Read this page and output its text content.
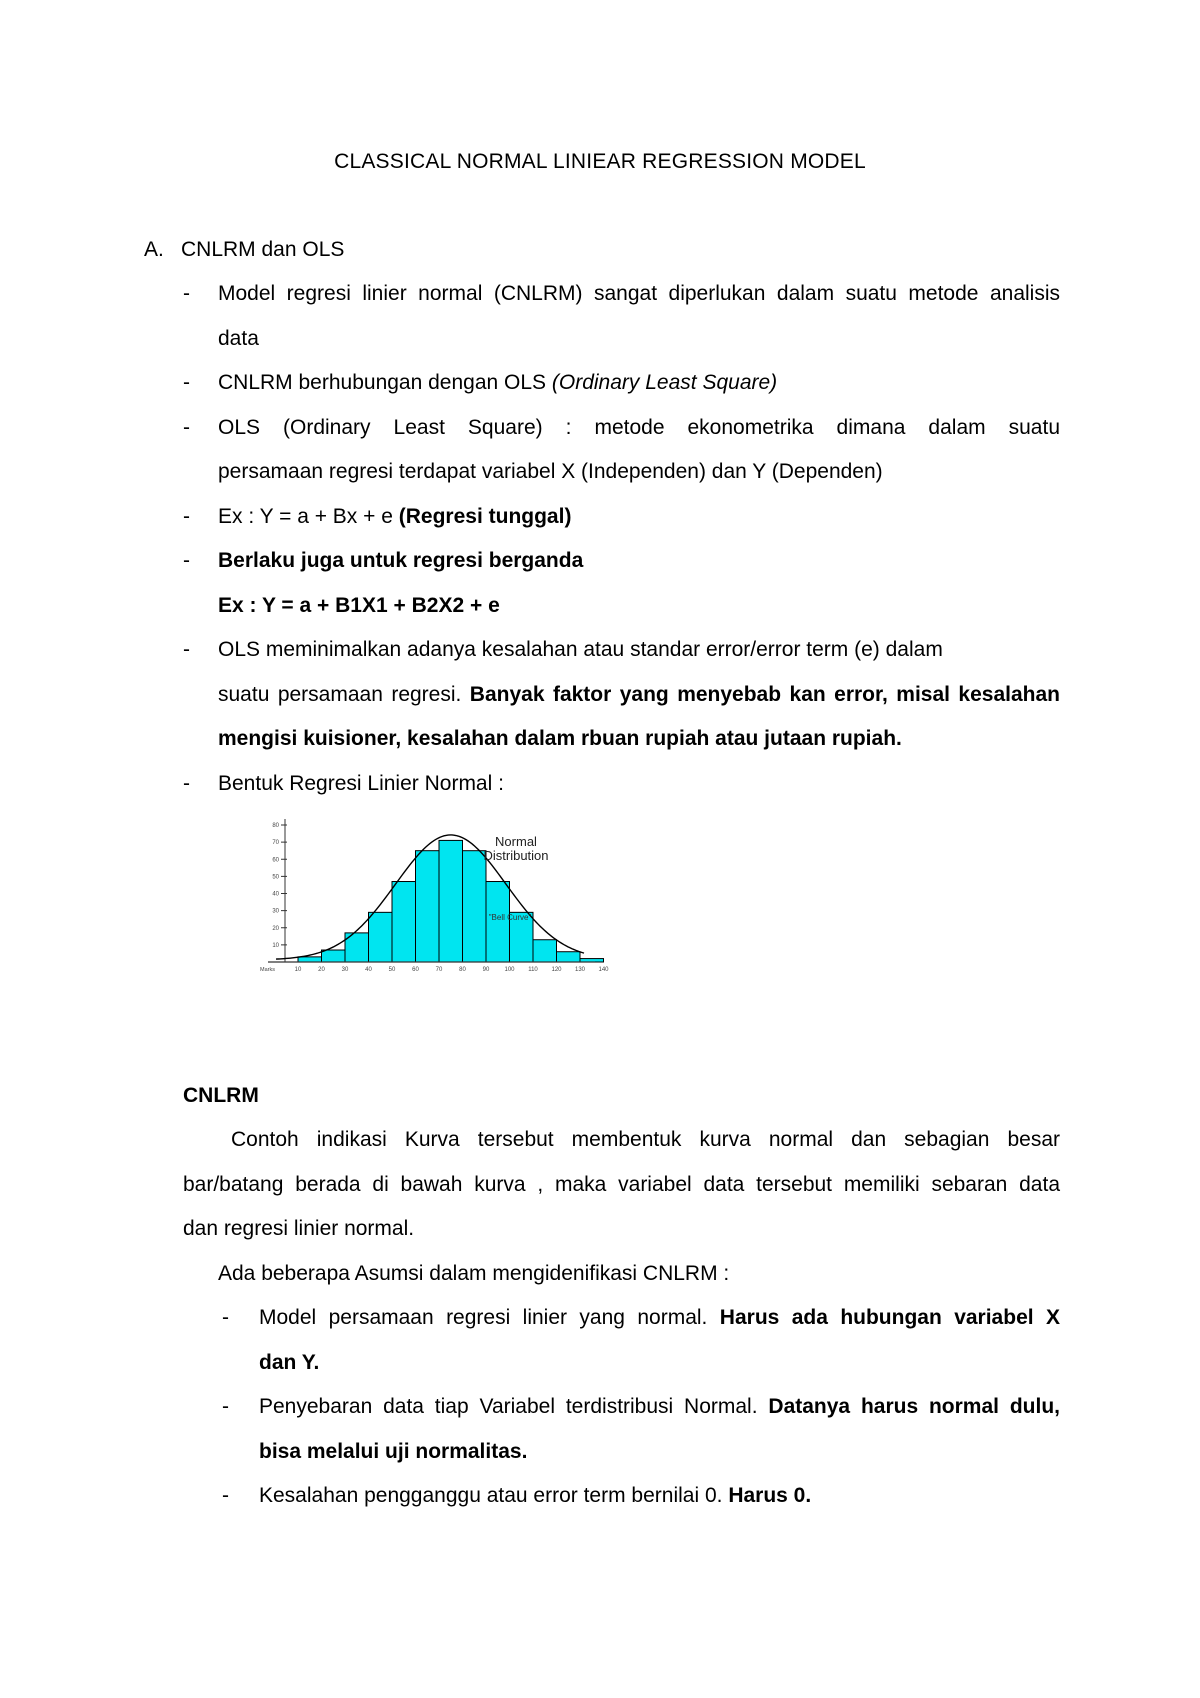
CLASSICAL NORMAL LINIEAR REGRESSION MODEL
A. CNLRM dan OLS
- Model regresi linier normal (CNLRM) sangat diperlukan dalam suatu metode analisis
data
- CNLRM berhubungan dengan OLS (Ordinary Least Square)
- OLS (Ordinary Least Square) : metode ekonometrika dimana dalam suatu
persamaan regresi terdapat variabel X (Independen) dan Y (Dependen)
- Ex : Y = a + Bx + e (Regresi tunggal)
- Berlaku juga untuk regresi berganda
Ex : Y = a + B1X1 + B2X2 + e
- OLS meminimalkan adanya kesalahan atau standar error/error term (e) dalam
suatu persamaan regresi. Banyak faktor yang menyebab kan error, misal kesalahan
mengisi kuisioner, kesalahan dalam rbuan rupiah atau jutaan rupiah.
- Bentuk Regresi Linier Normal :
10
20
30
40
50
60
70
80
10	20	30	40	50	60	70	80	90	100 110 120 130 140
Marks
Normal
Distribution
"Bell Curve"
CNLRM
Contoh indikasi Kurva tersebut membentuk kurva normal dan sebagian besar
bar/batang berada di bawah kurva , maka variabel data tersebut memiliki sebaran data
dan regresi linier normal.
Ada beberapa Asumsi dalam mengidenifikasi CNLRM :
- Model persamaan regresi linier yang normal. Harus ada hubungan variabel X
dan Y.
- Penyebaran data tiap Variabel terdistribusi Normal. Datanya harus normal dulu,
bisa melalui uji normalitas.
- Kesalahan pengganggu atau error term bernilai 0. Harus 0.
